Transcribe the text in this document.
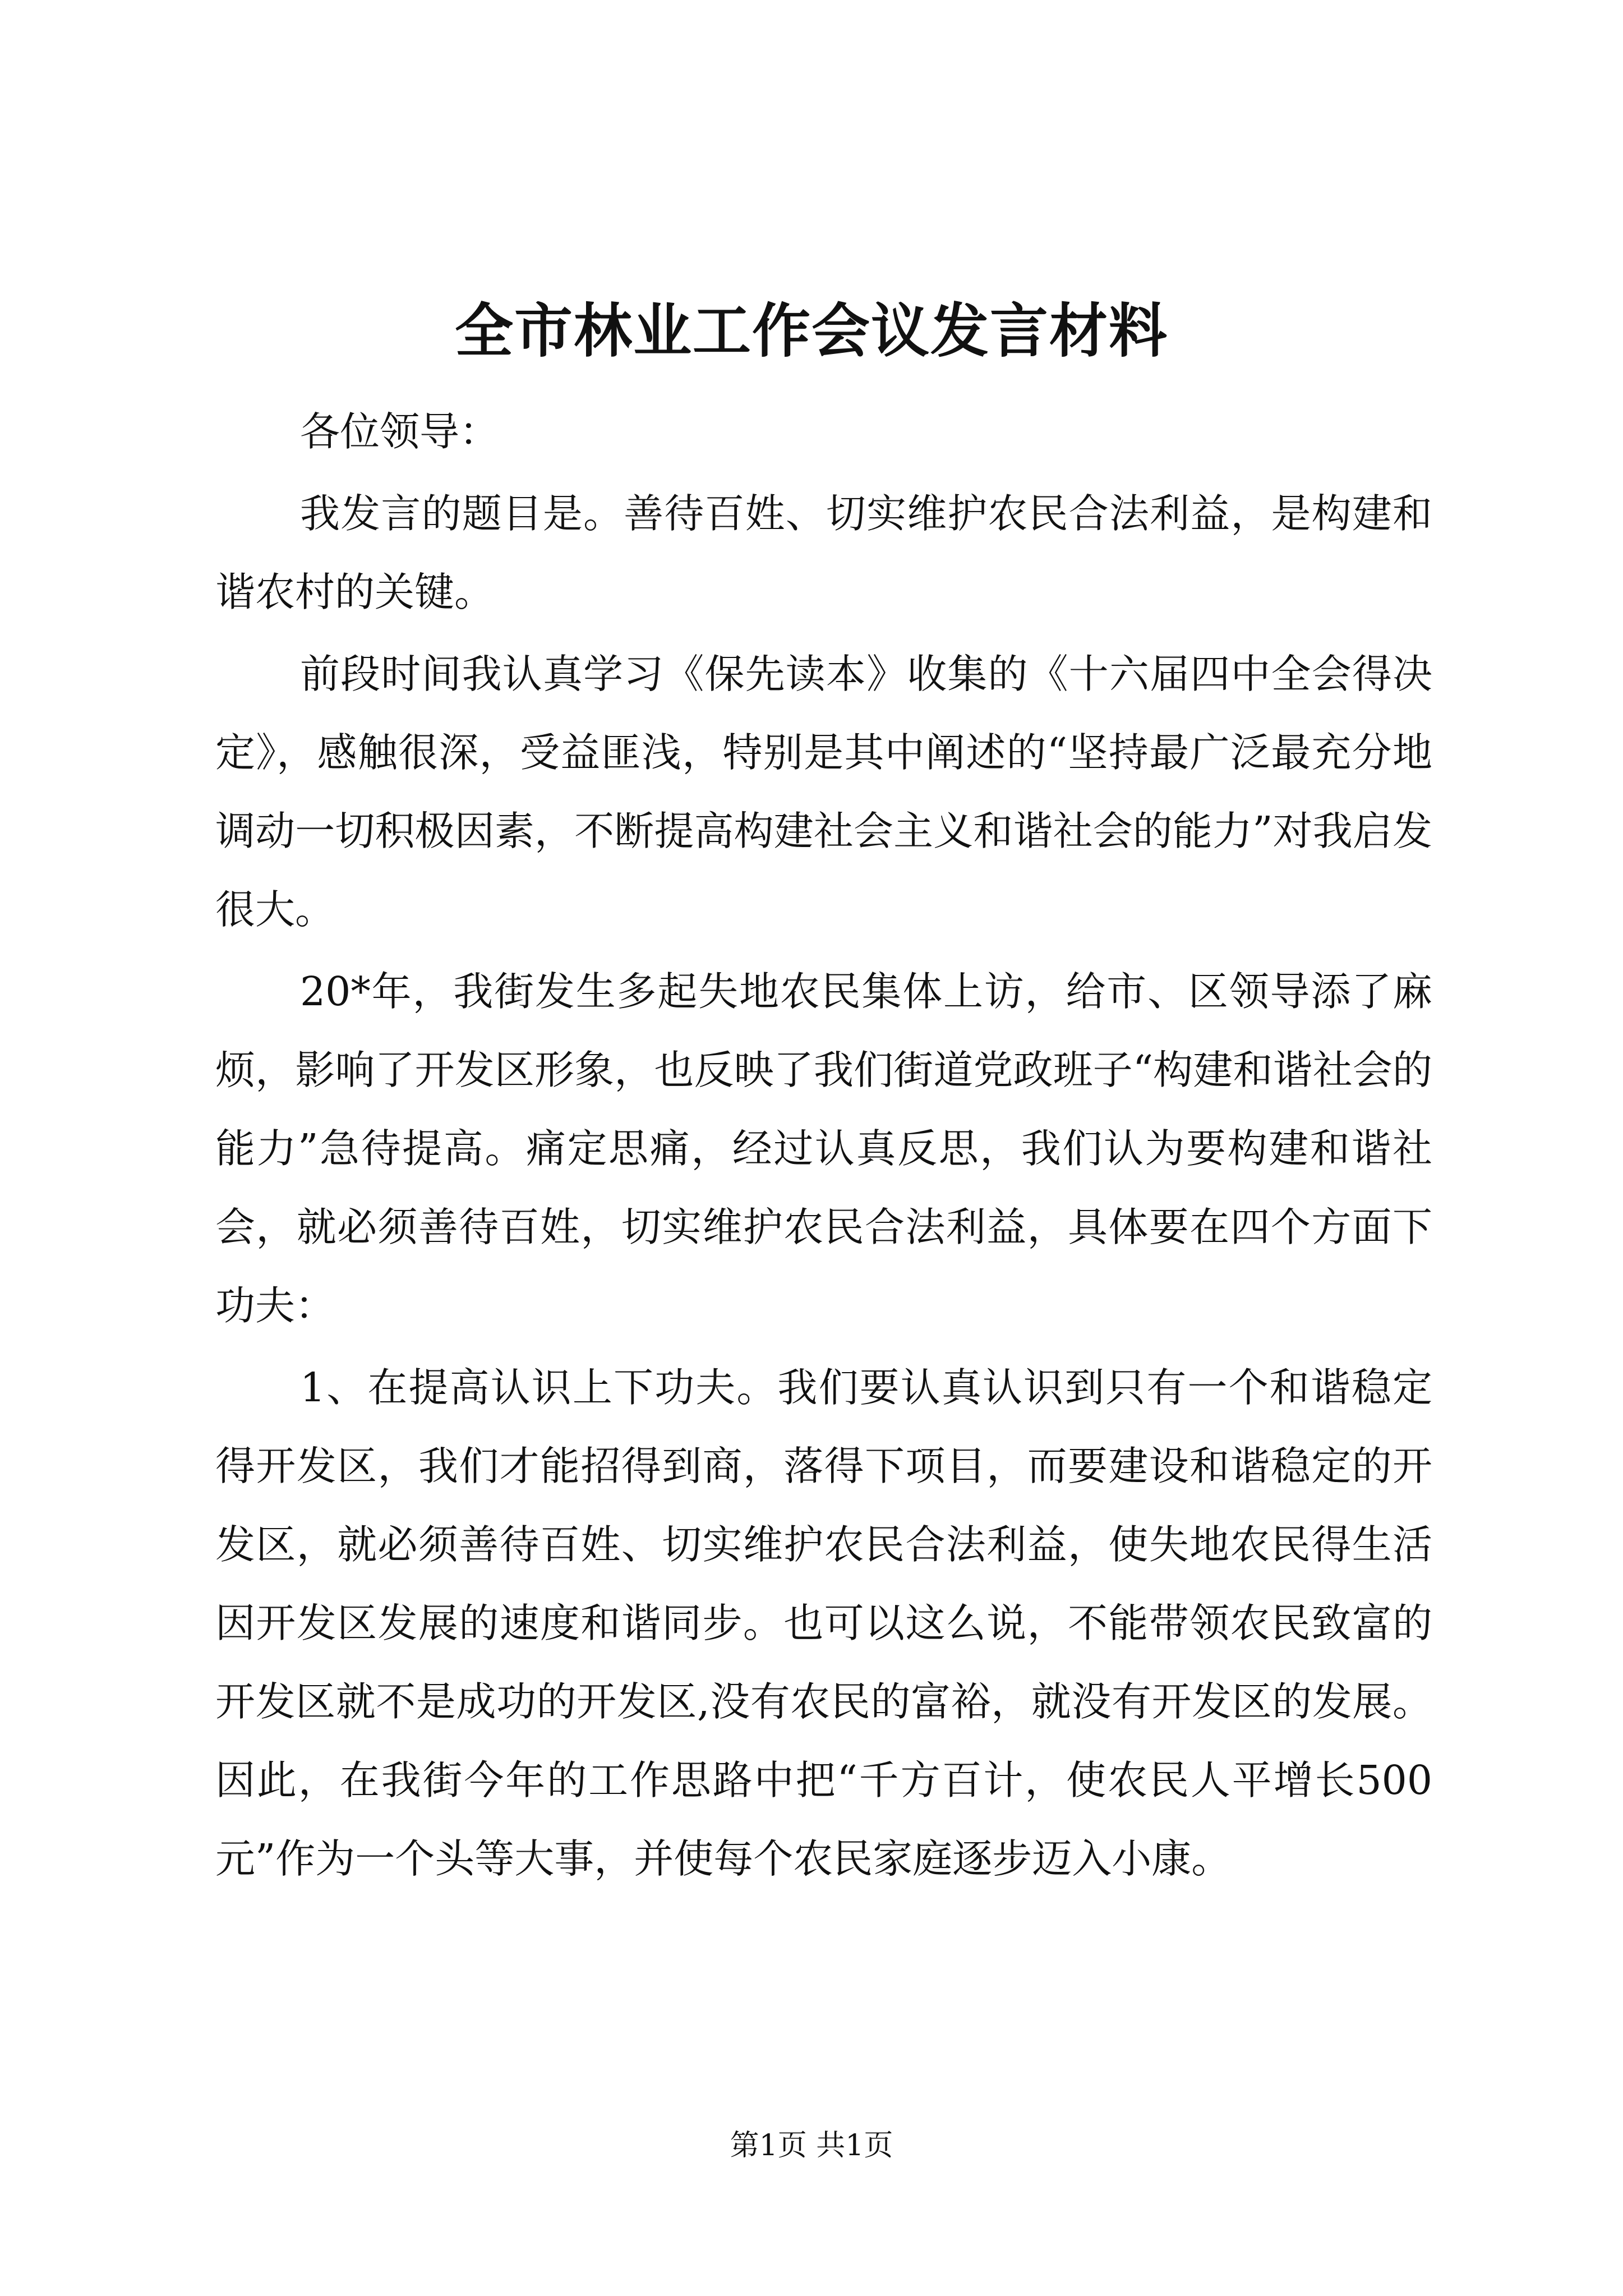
全市林业工作会议发言材料

各位领导：

我发言的题目是。善待百姓、切实维护农民合法利益，是构建和谐农村的关键。

前段时间我认真学习《保先读本》收集的《十六届四中全会得决定》，感触很深，受益匪浅，特别是其中阐述的“坚持最广泛最充分地调动一切积极因素，不断提高构建社会主义和谐社会的能力”对我启发很大。

20*年，我街发生多起失地农民集体上访，给市、区领导添了麻烦，影响了开发区形象，也反映了我们街道党政班子“构建和谐社会的能力”急待提高。痛定思痛，经过认真反思，我们认为要构建和谐社会，就必须善待百姓，切实维护农民合法利益，具体要在四个方面下功夫：

1、在提高认识上下功夫。我们要认真认识到只有一个和谐稳定得开发区，我们才能招得到商，落得下项目，而要建设和谐稳定的开发区，就必须善待百姓、切实维护农民合法利益，使失地农民得生活因开发区发展的速度和谐同步。也可以这么说，不能带领农民致富的开发区就不是成功的开发区,没有农民的富裕，就没有开发区的发展。因此，在我街今年的工作思路中把“千方百计，使农民人平增长500元”作为一个头等大事，并使每个农民家庭逐步迈入小康。

第1页 共1页
